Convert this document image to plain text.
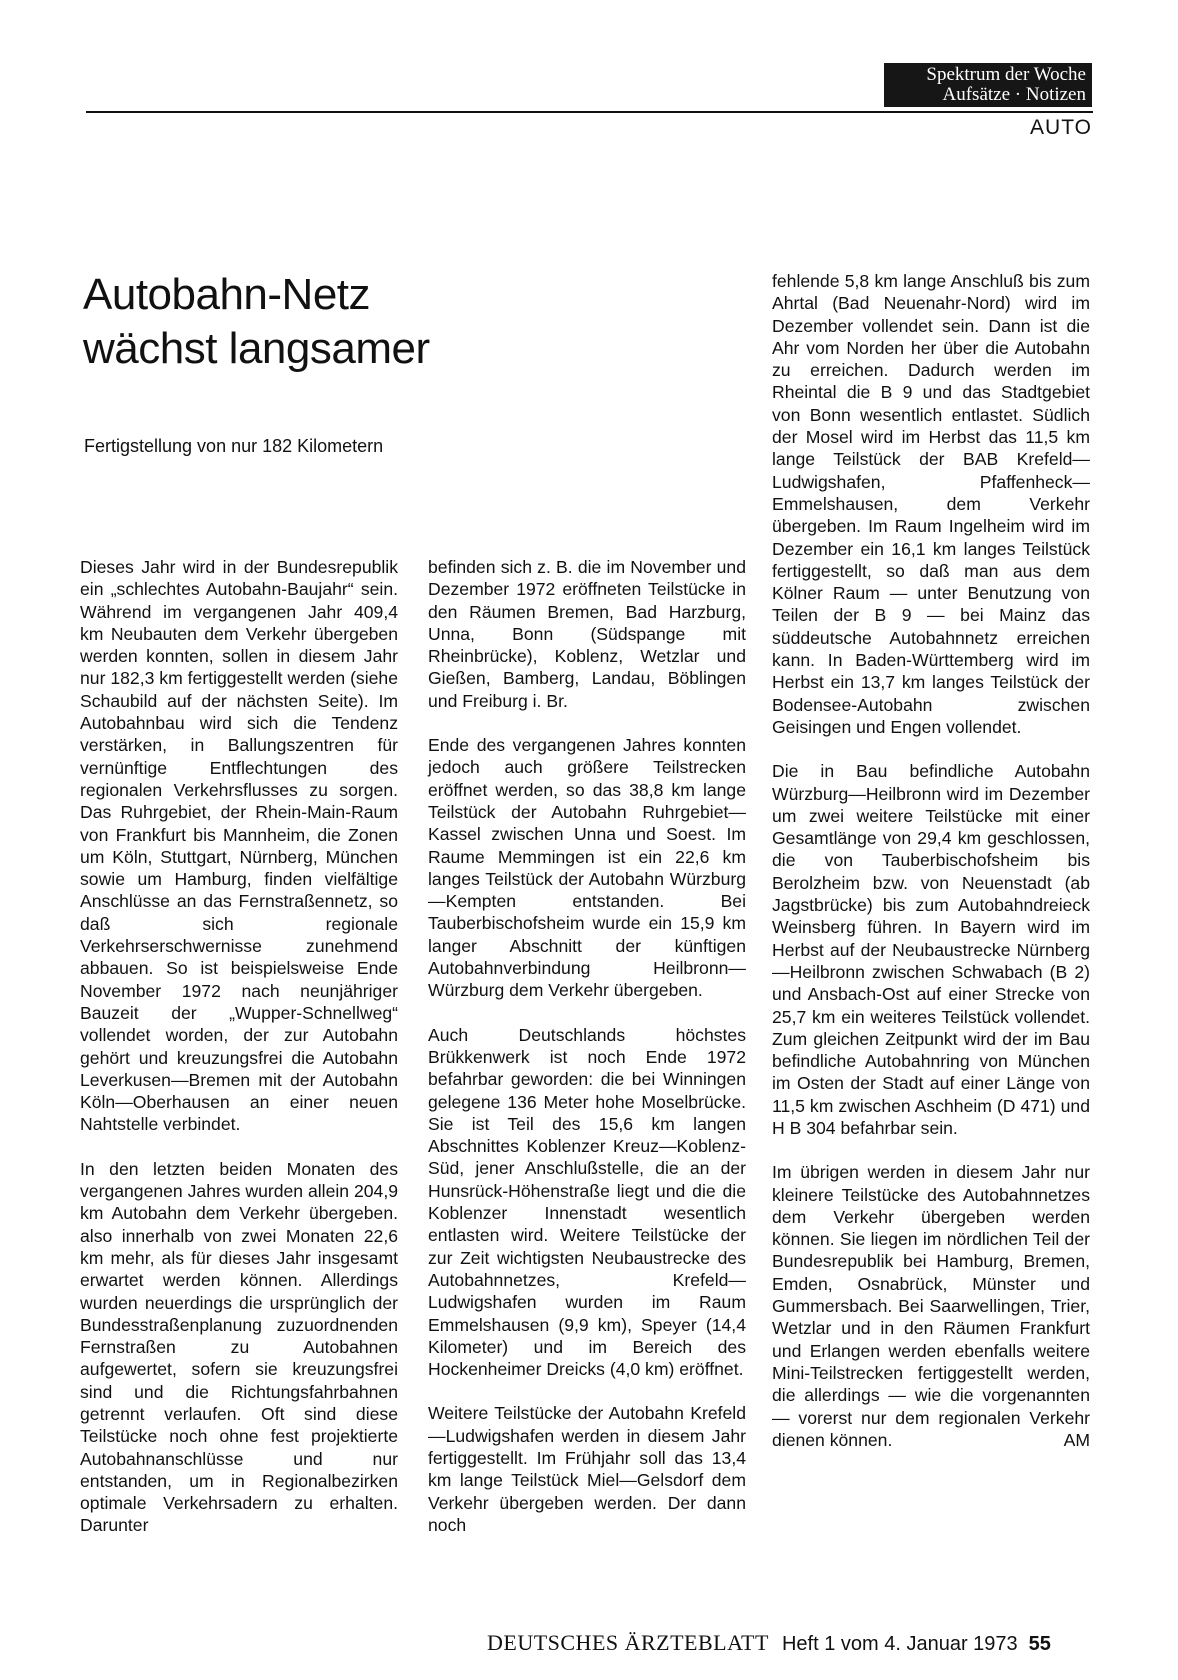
Spektrum der Woche
Aufsätze · Notizen
AUTO
Autobahn-Netz
wächst langsamer
Fertigstellung von nur 182 Kilometern

Dieses Jahr wird in der Bundesrepublik ein „schlechtes Autobahn-Baujahr“ sein. Während im vergangenen Jahr 409,4 km Neubauten dem Verkehr übergeben werden konnten, sollen in diesem Jahr nur 182,3 km fertiggestellt werden (siehe Schaubild auf der nächsten Seite). Im Autobahnbau wird sich die Tendenz verstärken, in Ballungszentren für vernünftige Entflechtungen des regionalen Verkehrsflusses zu sorgen. Das Ruhrgebiet, der Rhein-Main-Raum von Frankfurt bis Mannheim, die Zonen um Köln, Stuttgart, Nürnberg, München sowie um Hamburg, finden vielfältige Anschlüsse an das Fernstraßennetz, so daß sich regionale Verkehrserschwernisse zunehmend abbauen. So ist beispielsweise Ende November 1972 nach neunjähriger Bauzeit der „Wupper-Schnellweg“ vollendet worden, der zur Autobahn gehört und kreuzungsfrei die Autobahn Leverkusen—Bremen mit der Autobahn Köln—Oberhausen an einer neuen Nahtstelle verbindet.

In den letzten beiden Monaten des vergangenen Jahres wurden allein 204,9 km Autobahn dem Verkehr übergeben. also innerhalb von zwei Monaten 22,6 km mehr, als für dieses Jahr insgesamt erwartet werden können. Allerdings wurden neuerdings die ursprünglich der Bundesstraßenplanung zuzuordnenden Fernstraßen zu Autobahnen aufgewertet, sofern sie kreuzungsfrei sind und die Richtungsfahrbahnen getrennt verlaufen. Oft sind diese Teilstücke noch ohne fest projektierte Autobahnanschlüsse und nur entstanden, um in Regionalbezirken optimale Verkehrsadern zu erhalten. Darunter

befinden sich z. B. die im November und Dezember 1972 eröffneten Teilstücke in den Räumen Bremen, Bad Harzburg, Unna, Bonn (Südspange mit Rheinbrücke), Koblenz, Wetzlar und Gießen, Bamberg, Landau, Böblingen und Freiburg i. Br.

Ende des vergangenen Jahres konnten jedoch auch größere Teilstrecken eröffnet werden, so das 38,8 km lange Teilstück der Autobahn Ruhrgebiet—Kassel zwischen Unna und Soest. Im Raume Memmingen ist ein 22,6 km langes Teilstück der Autobahn Würzburg—Kempten entstanden. Bei Tauberbischofsheim wurde ein 15,9 km langer Abschnitt der künftigen Autobahnverbindung Heilbronn—Würzburg dem Verkehr übergeben.

Auch Deutschlands höchstes Brükkenwerk ist noch Ende 1972 befahrbar geworden: die bei Winningen gelegene 136 Meter hohe Moselbrücke. Sie ist Teil des 15,6 km langen Abschnittes Koblenzer Kreuz—Koblenz-Süd, jener Anschlußstelle, die an der Hunsrück-Höhenstraße liegt und die die Koblenzer Innenstadt wesentlich entlasten wird. Weitere Teilstücke der zur Zeit wichtigsten Neubaustrecke des Autobahnnetzes, Krefeld—Ludwigshafen wurden im Raum Emmelshausen (9,9 km), Speyer (14,4 Kilometer) und im Bereich des Hockenheimer Dreicks (4,0 km) eröffnet.

Weitere Teilstücke der Autobahn Krefeld—Ludwigshafen werden in diesem Jahr fertiggestellt. Im Frühjahr soll das 13,4 km lange Teilstück Miel—Gelsdorf dem Verkehr übergeben werden. Der dann noch

fehlende 5,8 km lange Anschluß bis zum Ahrtal (Bad Neuenahr-Nord) wird im Dezember vollendet sein. Dann ist die Ahr vom Norden her über die Autobahn zu erreichen. Dadurch werden im Rheintal die B 9 und das Stadtgebiet von Bonn wesentlich entlastet. Südlich der Mosel wird im Herbst das 11,5 km lange Teilstück der BAB Krefeld—Ludwigshafen, Pfaffenheck—Emmelshausen, dem Verkehr übergeben. Im Raum Ingelheim wird im Dezember ein 16,1 km langes Teilstück fertiggestellt, so daß man aus dem Kölner Raum — unter Benutzung von Teilen der B 9 — bei Mainz das süddeutsche Autobahnnetz erreichen kann. In Baden-Württemberg wird im Herbst ein 13,7 km langes Teilstück der Bodensee-Autobahn zwischen Geisingen und Engen vollendet.

Die in Bau befindliche Autobahn Würzburg—Heilbronn wird im Dezember um zwei weitere Teilstücke mit einer Gesamtlänge von 29,4 km geschlossen, die von Tauberbischofsheim bis Berolzheim bzw. von Neuenstadt (ab Jagstbrücke) bis zum Autobahndreieck Weinsberg führen. In Bayern wird im Herbst auf der Neubaustrecke Nürnberg—Heilbronn zwischen Schwabach (B 2) und Ansbach-Ost auf einer Strecke von 25,7 km ein weiteres Teilstück vollendet. Zum gleichen Zeitpunkt wird der im Bau befindliche Autobahnring von München im Osten der Stadt auf einer Länge von 11,5 km zwischen Aschheim (D 471) und H B 304 befahrbar sein.

Im übrigen werden in diesem Jahr nur kleinere Teilstücke des Autobahnnetzes dem Verkehr übergeben werden können. Sie liegen im nördlichen Teil der Bundesrepublik bei Hamburg, Bremen, Emden, Osnabrück, Münster und Gummersbach. Bei Saarwellingen, Trier, Wetzlar und in den Räumen Frankfurt und Erlangen werden ebenfalls weitere Mini-Teilstrecken fertiggestellt werden, die allerdings — wie die vorgenannten — vorerst nur dem regionalen Verkehr dienen können.	AM

DEUTSCHES ÄRZTEBLATT Heft 1 vom 4. Januar 1973 55
